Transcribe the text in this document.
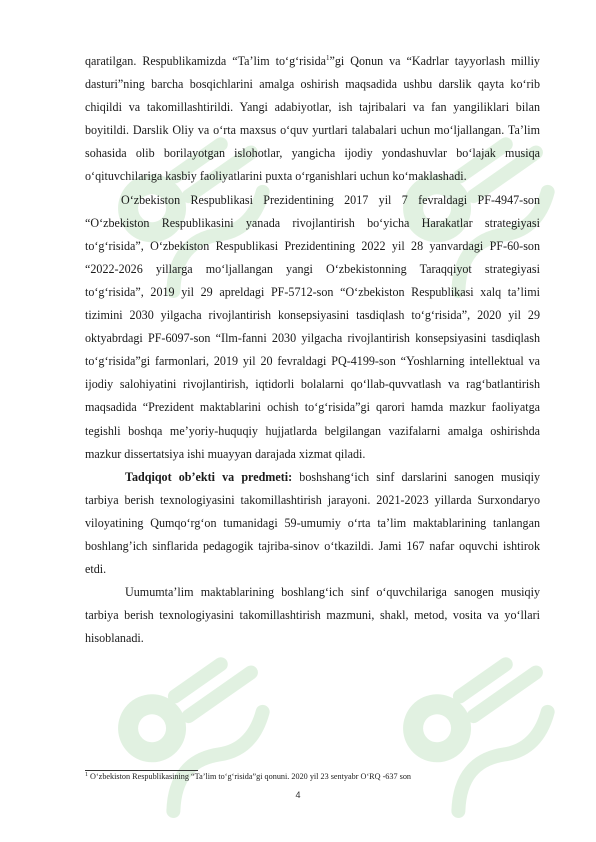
qaratilgan. Respublikamizda “Ta’lim to‘g‘risida$^1$”gi Qonun va “Kadrlar tayyorlash milliy dasturi”ning barcha bosqichlarini amalga oshirish maqsadida ushbu darslik qayta ko‘rib chiqildi va takomillashtirildi. Yangi adabiyotlar, ish tajribalari va fan yangiliklari bilan boyitildi. Darslik Oliy va o‘rta maxsus o‘quv yurtlari talabalari uchun mo‘ljallangan. Ta’lim sohasida olib borilayotgan islohotlar, yangicha ijodiy yondashuvlar bo‘lajak musiqa o‘qituvchilariga kasbiy faoliyatlarini puxta o‘rganishlari uchun ko‘maklashadi.

O‘zbekiston Respublikasi Prezidentining 2017 yil 7 fevraldagi PF-4947-son “O‘zbekiston Respublikasini yanada rivojlantirish bo‘yicha Harakatlar strategiyasi to‘g‘risida”, O‘zbekiston Respublikasi Prezidentining 2022 yil 28 yanvardagi PF-60-son “2022-2026 yillarga mo‘ljallangan yangi O‘zbekistonning Taraqqiyot strategiyasi to‘g‘risida”, 2019 yil 29 apreldagi PF-5712-son “O‘zbekiston Respublikasi xalq ta’limi tizimini 2030 yilgacha rivojlantirish konsepsiyasini tasdiqlash to‘g‘risida”, 2020 yil 29 oktyabrdagi PF-6097-son “Ilm-fanni 2030 yilgacha rivojlantirish konsepsiyasini tasdiqlash to‘g‘risida”gi farmonlari, 2019 yil 20 fevraldagi PQ-4199-son “Yoshlarning intellektual va ijodiy salohiyatini rivojlantirish, iqtidorli bolalarni qo‘llab-quvvatlash va rag‘batlantirish maqsadida “Prezident maktablarini ochish to‘g‘risida”gi qarori hamda mazkur faoliyatga tegishli boshqa me’yoriy-huquqiy hujjatlarda belgilangan vazifalarni amalga oshirishda mazkur dissertatsiya ishi muayyan darajada xizmat qiladi.

Tadqiqot ob’ekti va predmeti: boshshang‘ich sinf darslarini sanogen musiqiy tarbiya berish texnologiyasini takomillashtirish jarayoni. 2021-2023 yillarda Surxondaryo viloyatining Qumqo‘rg‘on tumanidagi 59-umumiy o‘rta ta’lim maktablarining tanlangan boshlang’ich sinflarida pedagogik tajriba-sinov o‘tkazildi. Jami 167 nafar oquvchi ishtirok etdi.

Uumumta’lim maktablarining boshlang‘ich sinf o‘quvchilariga sanogen musiqiy tarbiya berish texnologiyasini takomillashtirish mazmuni, shakl, metod, vosita va yo‘llari hisoblanadi.

$^1$ O‘zbekiston Respublikasining “Ta’lim to‘g‘risida”gi qonuni. 2020 yil 23 sentyabr O‘RQ -637 son
4
